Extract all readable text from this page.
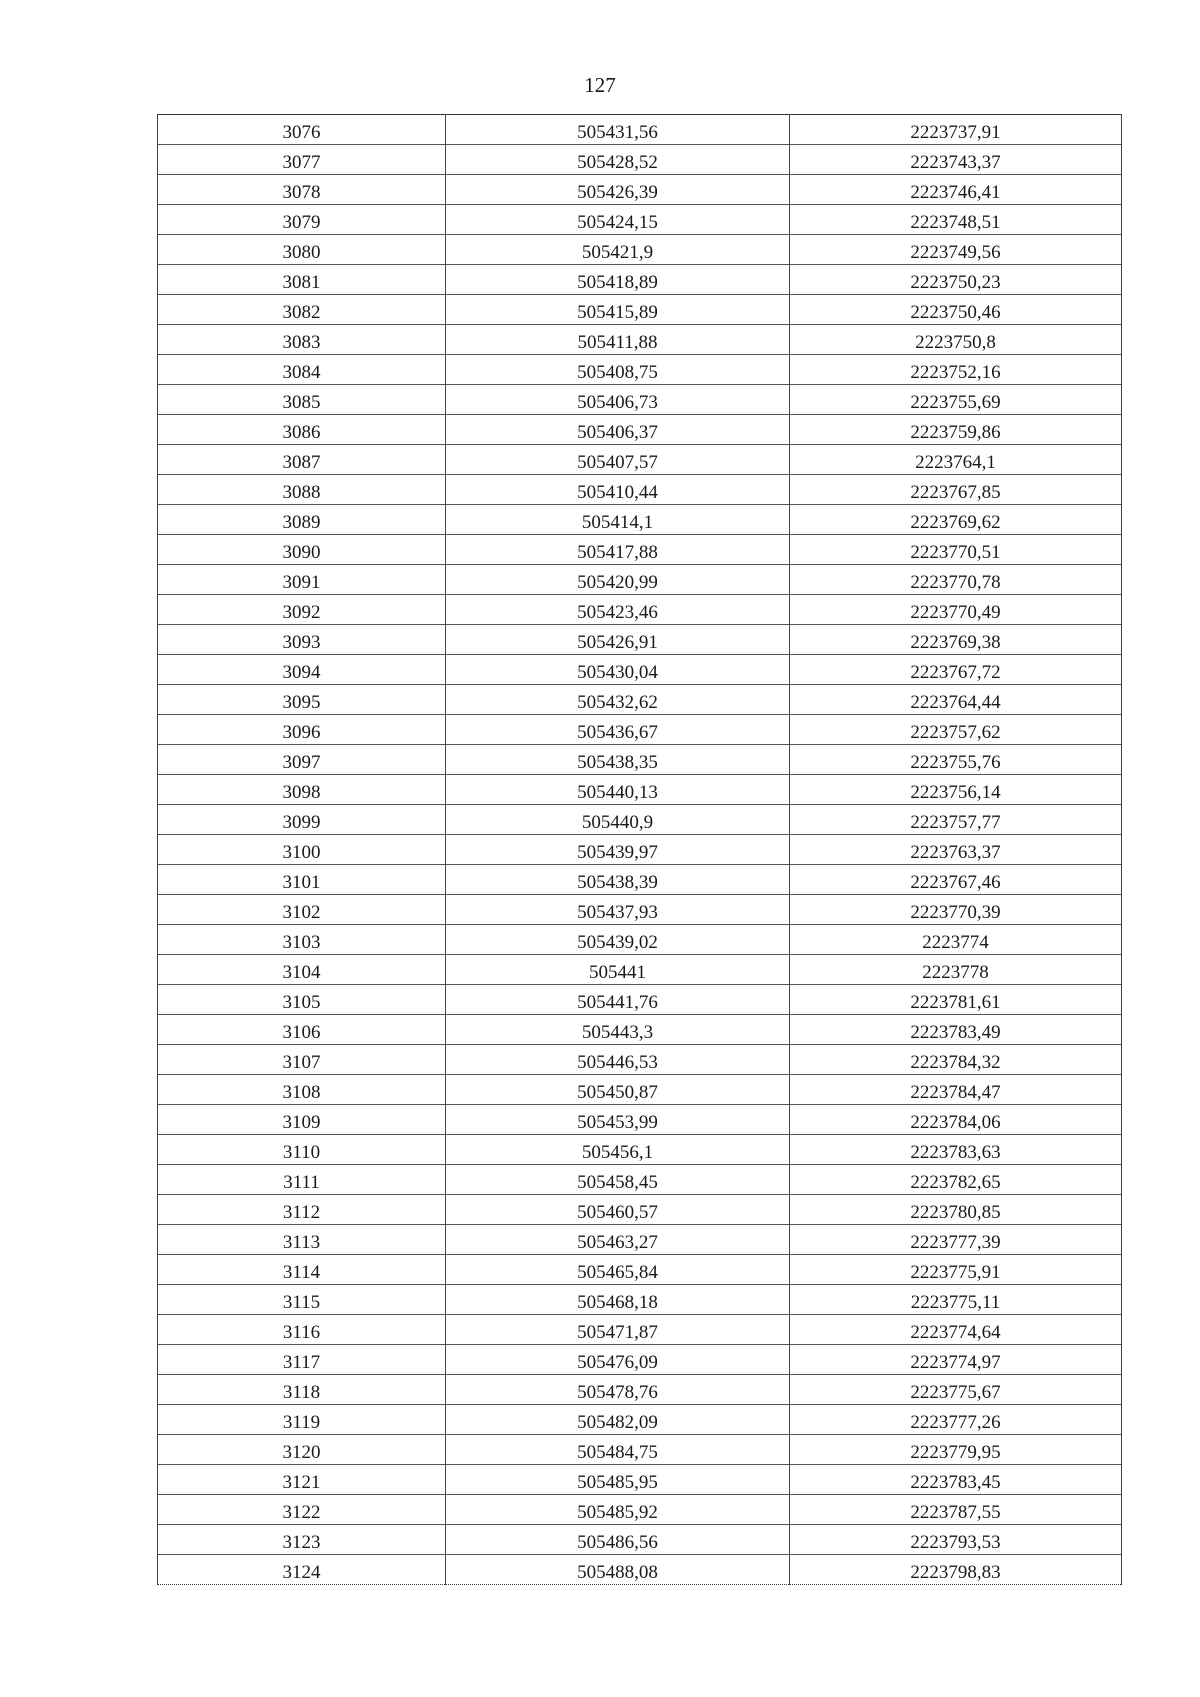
127
3076	505431,56	2223737,91
3077	505428,52	2223743,37
3078	505426,39	2223746,41
3079	505424,15	2223748,51
3080	505421,9	2223749,56
3081	505418,89	2223750,23
3082	505415,89	2223750,46
3083	505411,88	2223750,8
3084	505408,75	2223752,16
3085	505406,73	2223755,69
3086	505406,37	2223759,86
3087	505407,57	2223764,1
3088	505410,44	2223767,85
3089	505414,1	2223769,62
3090	505417,88	2223770,51
3091	505420,99	2223770,78
3092	505423,46	2223770,49
3093	505426,91	2223769,38
3094	505430,04	2223767,72
3095	505432,62	2223764,44
3096	505436,67	2223757,62
3097	505438,35	2223755,76
3098	505440,13	2223756,14
3099	505440,9	2223757,77
3100	505439,97	2223763,37
3101	505438,39	2223767,46
3102	505437,93	2223770,39
3103	505439,02	2223774
3104	505441	2223778
3105	505441,76	2223781,61
3106	505443,3	2223783,49
3107	505446,53	2223784,32
3108	505450,87	2223784,47
3109	505453,99	2223784,06
3110	505456,1	2223783,63
3111	505458,45	2223782,65
3112	505460,57	2223780,85
3113	505463,27	2223777,39
3114	505465,84	2223775,91
3115	505468,18	2223775,11
3116	505471,87	2223774,64
3117	505476,09	2223774,97
3118	505478,76	2223775,67
3119	505482,09	2223777,26
3120	505484,75	2223779,95
3121	505485,95	2223783,45
3122	505485,92	2223787,55
3123	505486,56	2223793,53
3124	505488,08	2223798,83
